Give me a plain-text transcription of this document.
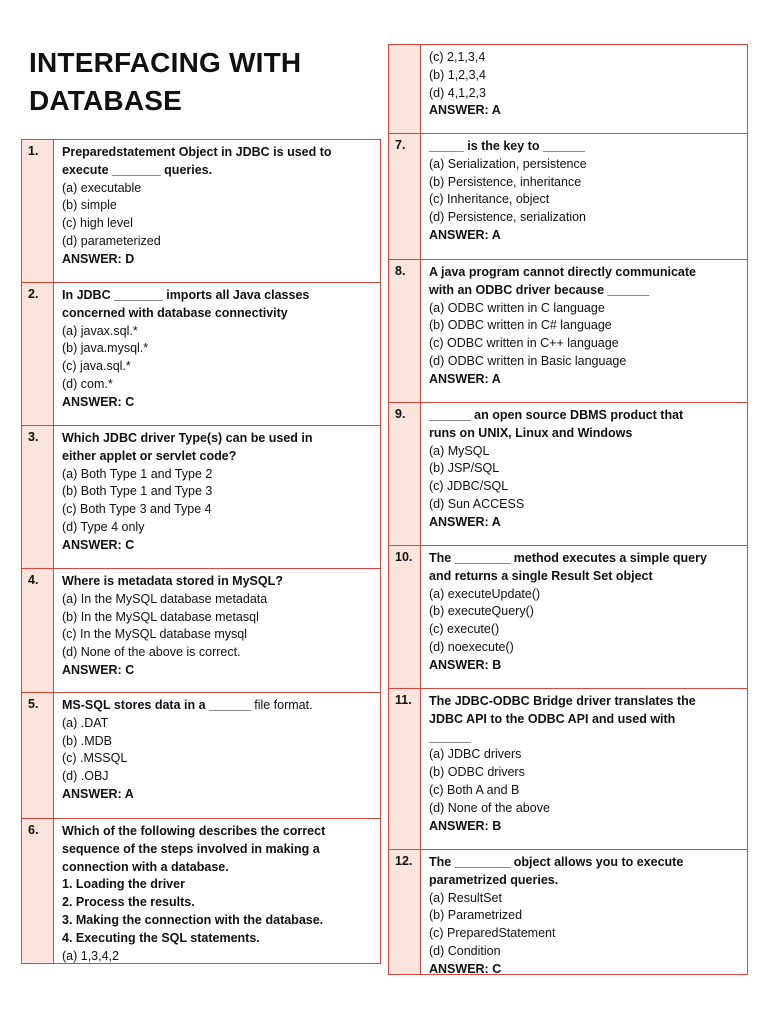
INTERFACING WITH
DATABASE
1. Preparedstatement Object in JDBC is used to
execute _______ queries.
(a) executable
(b) simple
(c) high level
(d) parameterized
ANSWER: D
2. In JDBC _______ imports all Java classes
concerned with database connectivity
(a) javax.sql.*
(b) java.mysql.*
(c) java.sql.*
(d) com.*
ANSWER: C
3. Which JDBC driver Type(s) can be used in
either applet or servlet code?
(a) Both Type 1 and Type 2
(b) Both Type 1 and Type 3
(c) Both Type 3 and Type 4
(d) Type 4 only
ANSWER: C
4. Where is metadata stored in MySQL?
(a) In the MySQL database metadata
(b) In the MySQL database metasql
(c) In the MySQL database mysql
(d) None of the above is correct.
ANSWER: C
5. MS-SQL stores data in a ______ file format.
(a) .DAT
(b) .MDB
(c) .MSSQL
(d) .OBJ
ANSWER: A
6. Which of the following describes the correct
sequence of the steps involved in making a
connection with a database.
1. Loading the driver
2. Process the results.
3. Making the connection with the database.
4. Executing the SQL statements.
(a) 1,3,4,2
(c) 2,1,3,4
(b) 1,2,3,4
(d) 4,1,2,3
ANSWER: A
7. _____ is the key to ______
(a) Serialization, persistence
(b) Persistence, inheritance
(c) Inheritance, object
(d) Persistence, serialization
ANSWER: A
8. A java program cannot directly communicate
with an ODBC driver because ______
(a) ODBC written in C language
(b) ODBC written in C# language
(c) ODBC written in C++ language
(d) ODBC written in Basic language
ANSWER: A
9. ______ an open source DBMS product that
runs on UNIX, Linux and Windows
(a) MySQL
(b) JSP/SQL
(c) JDBC/SQL
(d) Sun ACCESS
ANSWER: A
10. The ________ method executes a simple query
and returns a single Result Set object
(a) executeUpdate()
(b) executeQuery()
(c) execute()
(d) noexecute()
ANSWER: B
11. The JDBC-ODBC Bridge driver translates the
JDBC API to the ODBC API and used with
______
(a) JDBC drivers
(b) ODBC drivers
(c) Both A and B
(d) None of the above
ANSWER: B
12. The ________ object allows you to execute
parametrized queries.
(a) ResultSet
(b) Parametrized
(c) PreparedStatement
(d) Condition
ANSWER: C
